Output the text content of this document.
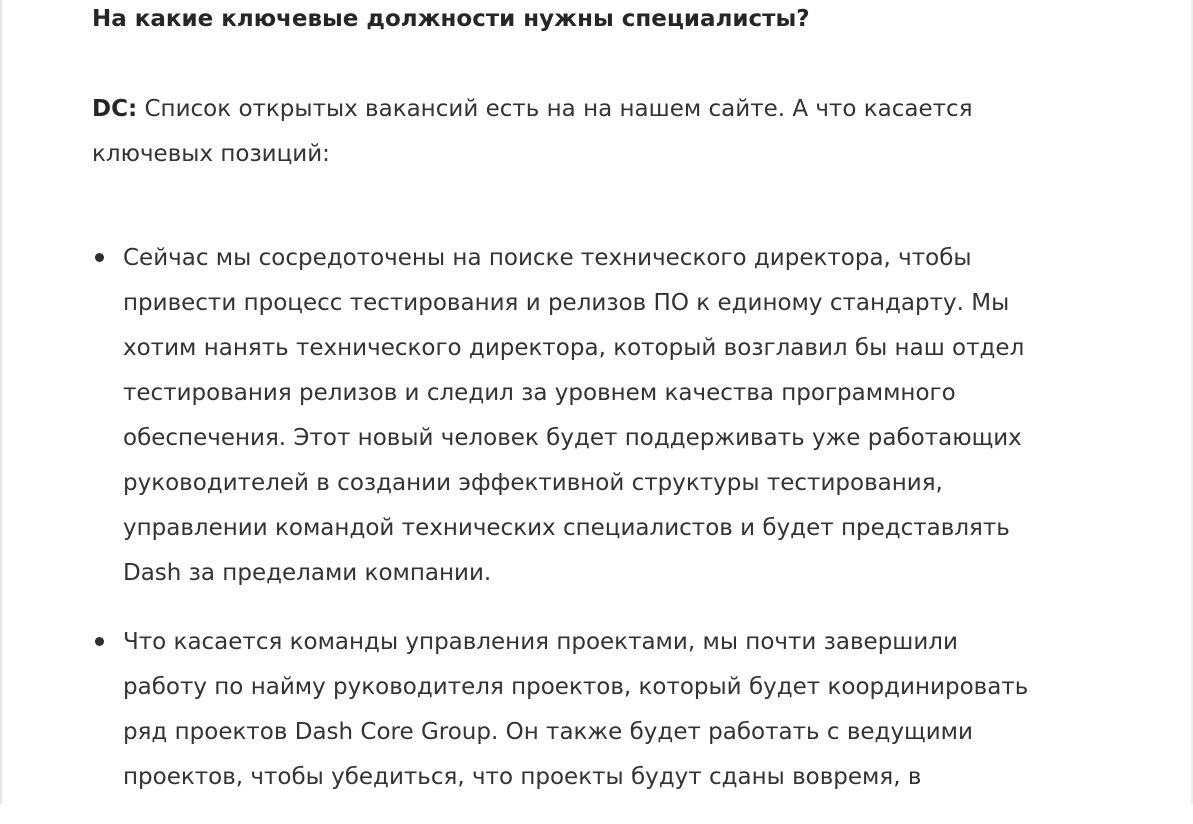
На какие ключевые должности нужны специалисты?

DC: Список открытых вакансий есть на на нашем сайте. А что касается
ключевых позиций:

Сейчас мы сосредоточены на поиске технического директора, чтобы
привести процесс тестирования и релизов ПО к единому стандарту. Мы
хотим нанять технического директора, который возглавил бы наш отдел
тестирования релизов и следил за уровнем качества программного
обеспечения. Этот новый человек будет поддерживать уже работающих
руководителей в создании эффективной структуры тестирования,
управлении командой технических специалистов и будет представлять
Dash за пределами компании.
Что касается команды управления проектами, мы почти завершили
работу по найму руководителя проектов, который будет координировать
ряд проектов Dash Core Group. Он также будет работать с ведущими
проектов, чтобы убедиться, что проекты будут сданы вовремя, в
